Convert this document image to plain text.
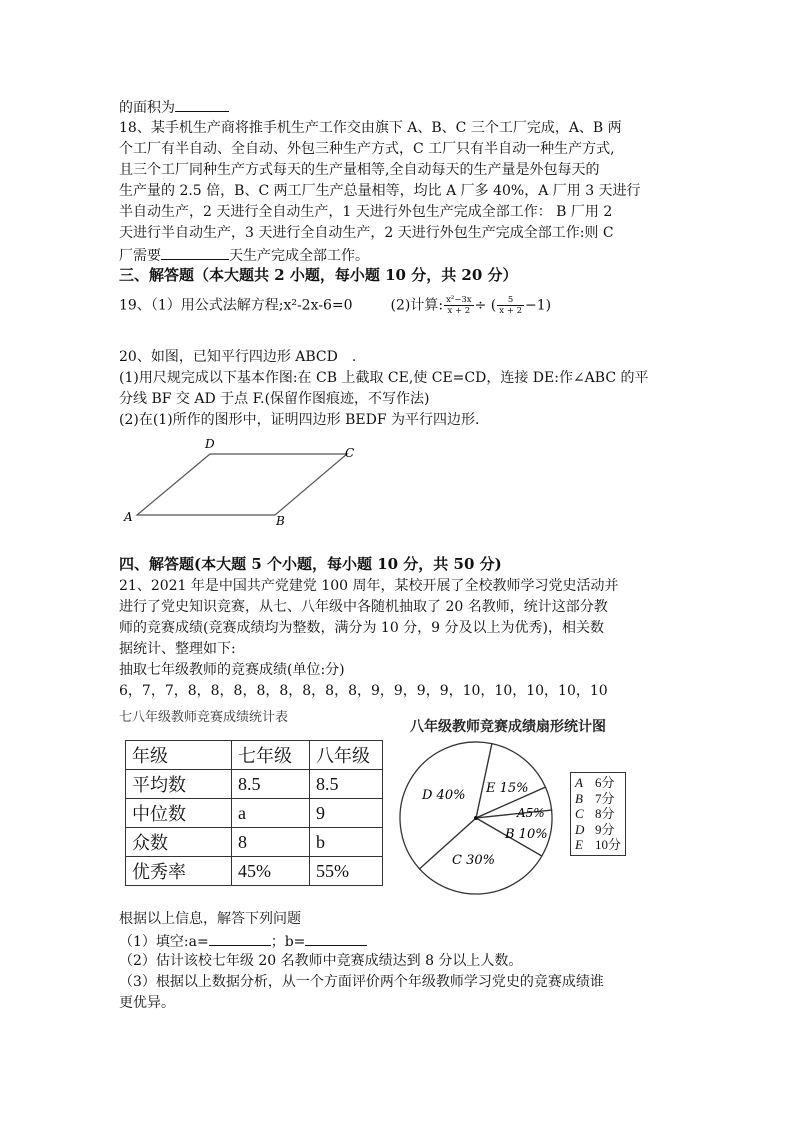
的面积为
18、某手机生产商将推手机生产工作交由旗下 A、B、C 三个工厂完成，A、B 两
个工厂有半自动、全自动、外包三种生产方式，C 工厂只有半自动一种生产方式,
且三个工厂同种生产方式每天的生产量相等,全自动每天的生产量是外包每天的
生产量的 2.5 倍，B、C 两工厂生产总量相等，均比 A 厂多 40%，A 厂用 3 天进行
半自动生产，2 天进行全自动生产，1 天进行外包生产完成全部工作： B 厂用 2
天进行半自动生产，3 天进行全自动生产，2 天进行外包生产完成全部工作:则 C
厂需要	天生产完成全部工作。
三、解答题（本大题共 2 小题，每小题 10 分，共 20 分）
19、（1）用公式法解方程;x²-2x-6=0	(2)计算: $\frac{\text{x²−3x}}{x + 2}$ ÷ ( $\frac{5}{x + 2} -1$)
20、如图，已知平行四边形 ABCD　.
(1)用尺规完成以下基本作图:在 CB 上截取 CE,使 CE=CD，连接 DE:作∠ABC 的平
分线 BF 交 AD 于点 F.(保留作图痕迹，不写作法)
(2)在(1)所作的图形中，证明四边形 BEDF 为平行四边形.
A	B
C
D
四、解答题(本大题 5 个小题，每小题 10 分，共 50 分)
21、2021 年是中国共产党建党 100 周年，某校开展了全校教师学习党史活动并
进行了党史知识竞赛，从七、八年级中各随机抽取了 20 名教师，统计这部分教
师的竞赛成绩(竞赛成绩均为整数，满分为 10 分，9 分及以上为优秀)，相关数
据统计、整理如下:
抽取七年级教师的竞赛成绩(单位:分)
6，7，7，8，8，8，8，8，8，8，8，9，9，9，9，10，10，10，10，10
七八年级教师竞赛成绩统计表
年级	七年级	八年级
平均数	8.5	8.5
中位数	a	9
众数	8	b
优秀率	45%	55%
八年级教师竞赛成绩扇形统计图
D 40% E 15%
A5%
B 10%
C 30%
A 6分
B 7分
C 8分
D 9分
E 10分
根据以上信息，解答下列问题
（1）填空:a=	；b=
（2）估计该校七年级 20 名教师中竞赛成绩达到 8 分以上人数。
（3）根据以上数据分析，从一个方面评价两个年级教师学习党史的竞赛成绩谁
更优异。
